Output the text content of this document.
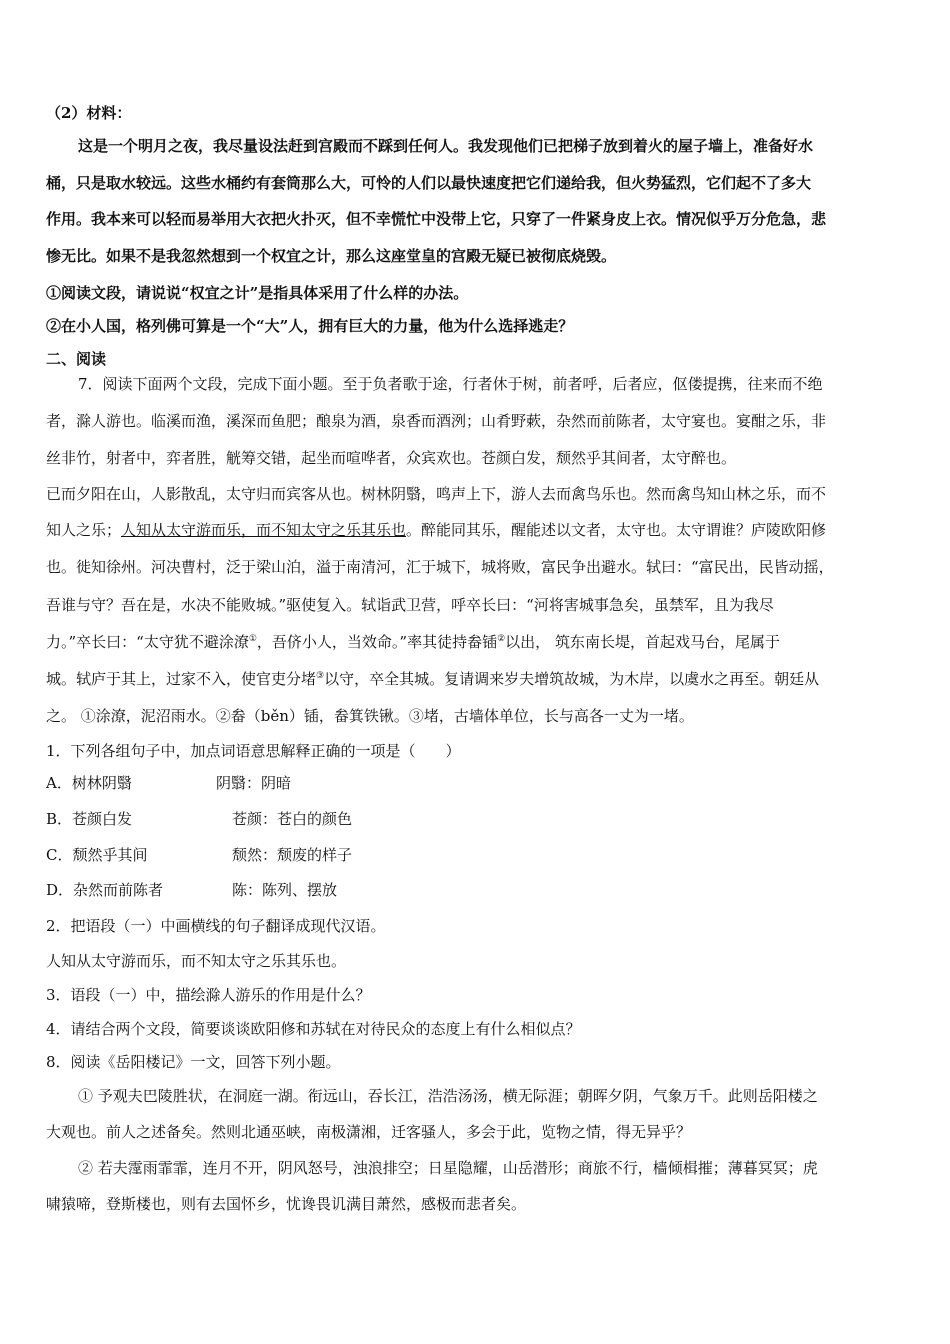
（2）材料：
这是一个明月之夜，我尽量设法赶到宫殿而不踩到任何人。我发现他们已把梯子放到着火的屋子墙上，准备好水
桶，只是取水较远。这些水桶约有套筒那么大，可怜的人们以最快速度把它们递给我，但火势猛烈，它们起不了多大
作用。我本来可以轻而易举用大衣把火扑灭，但不幸慌忙中没带上它，只穿了一件紧身皮上衣。情况似乎万分危急，悲
惨无比。如果不是我忽然想到一个权宜之计，那么这座堂皇的宫殿无疑已被彻底烧毁。
①阅读文段，请说说“权宜之计”是指具体采用了什么样的办法。
②在小人国，格列佛可算是一个“大”人，拥有巨大的力量，他为什么选择逃走？
二、阅读
7．阅读下面两个文段，完成下面小题。至于负者歌于途，行者休于树，前者呼，后者应，伛偻提携，往来而不绝
者，滁人游也。临溪而渔，溪深而鱼肥；酿泉为酒，泉香而酒洌；山肴野蔌，杂然而前陈者，太守宴也。宴酣之乐，非
丝非竹，射者中，弈者胜，觥筹交错，起坐而喧哗者，众宾欢也。苍颜白发，颓然乎其间者，太守醉也。
已而夕阳在山，人影散乱，太守归而宾客从也。树林阴翳，鸣声上下，游人去而禽鸟乐也。然而禽鸟知山林之乐，而不
知人之乐；人知从太守游而乐，而不知太守之乐其乐也。醉能同其乐，醒能述以文者，太守也。太守谓谁？庐陵欧阳修
也。徙知徐州。河决曹村，泛于梁山泊，溢于南清河，汇于城下，城将败，富民争出避水。轼曰：“富民出，民皆动摇，
吾谁与守？吾在是，水决不能败城。”驱使复入。轼诣武卫营，呼卒长曰：“河将害城事急矣，虽禁军，且为我尽
力。”卒长曰：“太守犹不避涂潦①，吾侪小人，当效命。”率其徒持畚锸②以出， 筑东南长堤，首起戏马台，尾属于
城。轼庐于其上，过家不入，使官吏分堵③以守，卒全其城。复请调来岁夫增筑故城，为木岸，以虞水之再至。朝廷从
之。 ①涂潦，泥沼雨水。②畚（běn）锸，畚箕铁锹。③堵，古墙体单位，长与高各一丈为一堵。
1．下列各组句子中，加点词语意思解释正确的一项是（　　）
A．树林阴翳	阴翳：阴暗
B．苍颜白发	苍颜：苍白的颜色
C．颓然乎其间	颓然：颓废的样子
D．杂然而前陈者	陈：陈列、摆放
2．把语段（一）中画横线的句子翻译成现代汉语。
人知从太守游而乐，而不知太守之乐其乐也。
3．语段（一）中，描绘滁人游乐的作用是什么？
4．请结合两个文段，简要谈谈欧阳修和苏轼在对待民众的态度上有什么相似点？
8．阅读《岳阳楼记》一文，回答下列小题。
① 予观夫巴陵胜状，在洞庭一湖。衔远山，吞长江，浩浩汤汤，横无际涯；朝晖夕阴，气象万千。此则岳阳楼之
大观也。前人之述备矣。然则北通巫峡，南极潇湘，迁客骚人，多会于此，览物之情，得无异乎？
② 若夫霪雨霏霏，连月不开，阴风怒号，浊浪排空；日星隐耀，山岳潜形；商旅不行，樯倾楫摧；薄暮冥冥；虎
啸猿啼，登斯楼也，则有去国怀乡，忧谗畏讥满目萧然，感极而悲者矣。
